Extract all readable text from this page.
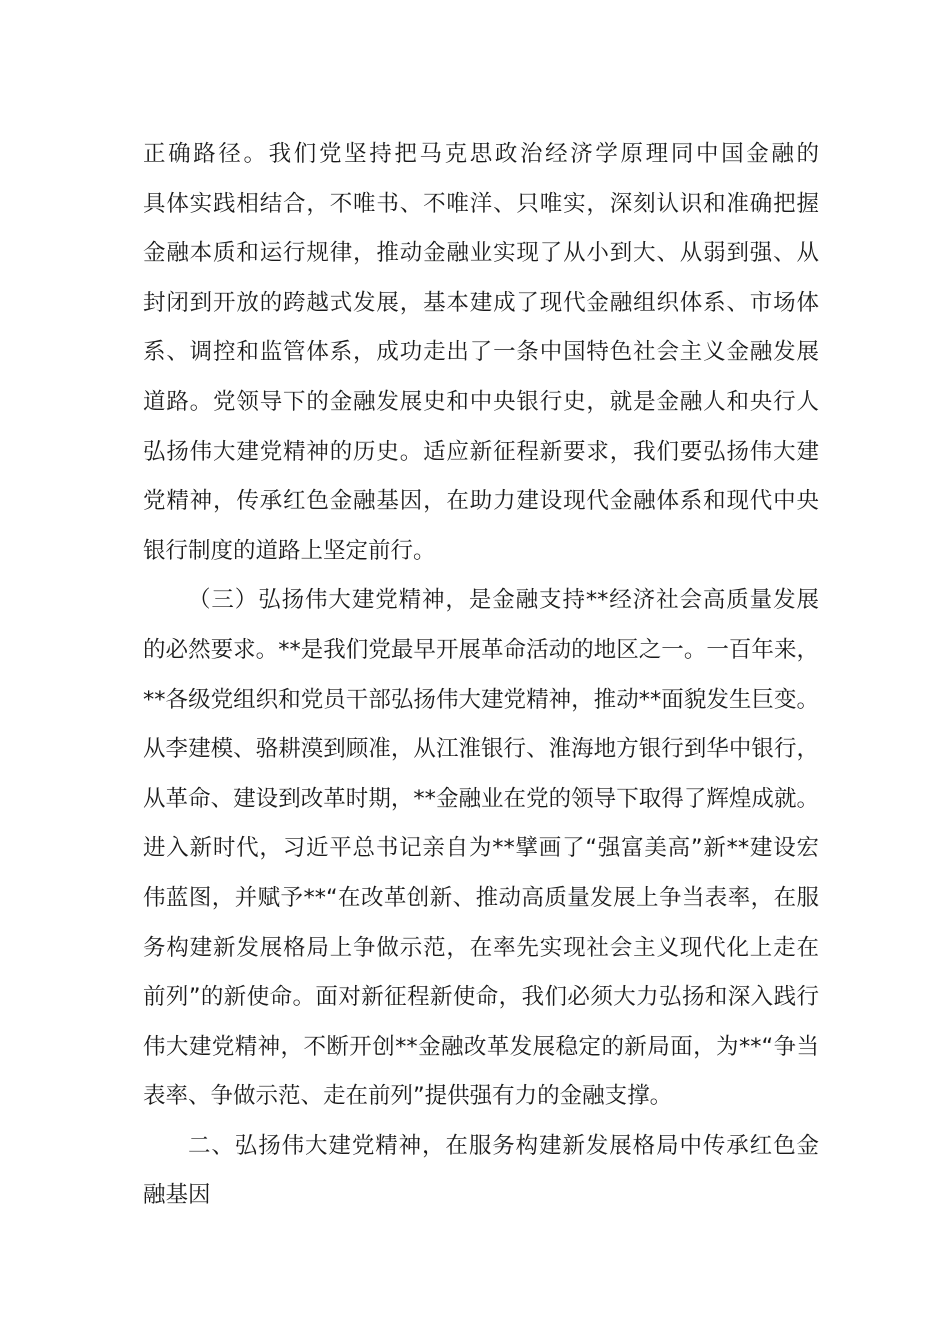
正确路径。我们党坚持把马克思政治经济学原理同中国金融的
具体实践相结合，不唯书、不唯洋、只唯实，深刻认识和准确把握
金融本质和运行规律，推动金融业实现了从小到大、从弱到强、从
封闭到开放的跨越式发展，基本建成了现代金融组织体系、市场体
系、调控和监管体系，成功走出了一条中国特色社会主义金融发展
道路。党领导下的金融发展史和中央银行史，就是金融人和央行人
弘扬伟大建党精神的历史。适应新征程新要求，我们要弘扬伟大建
党精神，传承红色金融基因，在助力建设现代金融体系和现代中央
银行制度的道路上坚定前行。
（三）弘扬伟大建党精神，是金融支持**经济社会高质量发展
的必然要求。**是我们党最早开展革命活动的地区之一。一百年来，
**各级党组织和党员干部弘扬伟大建党精神，推动**面貌发生巨变。
从李建模、骆耕漠到顾准，从江淮银行、淮海地方银行到华中银行，
从革命、建设到改革时期，**金融业在党的领导下取得了辉煌成就。
进入新时代，习近平总书记亲自为**擘画了“强富美高”新**建设宏
伟蓝图，并赋予**“在改革创新、推动高质量发展上争当表率，在服
务构建新发展格局上争做示范，在率先实现社会主义现代化上走在
前列”的新使命。面对新征程新使命，我们必须大力弘扬和深入践行
伟大建党精神，不断开创**金融改革发展稳定的新局面，为**“争当
表率、争做示范、走在前列”提供强有力的金融支撑。
二、弘扬伟大建党精神，在服务构建新发展格局中传承红色金
融基因
